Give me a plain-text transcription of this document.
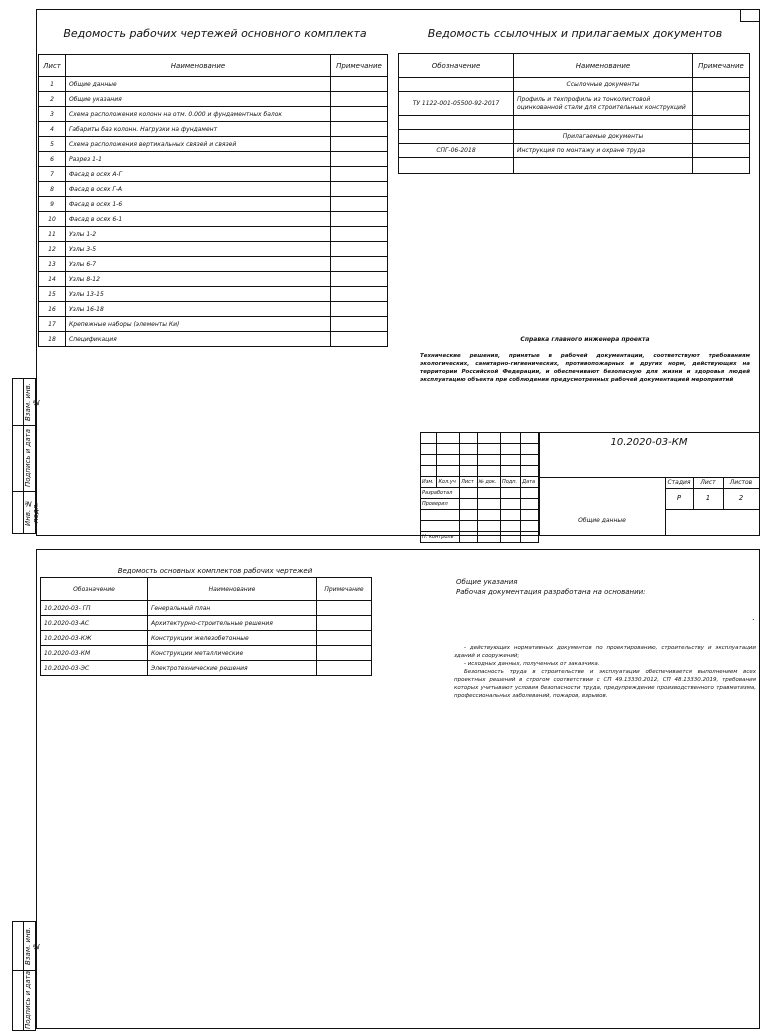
Взам. инв. №
Подпись и дата
Инв. № подл.
Ведомость рабочих чертежей основного комплекта	Ведомость ссылочных и прилагаемых документов
Лист	Наименование	Примечание
1	Общие данные	
2	Общие указания	
3	Схема расположения колонн на отм. 0.000 и фундаментных балок	
4	Габариты баз колонн. Нагрузки на фундамент	
5	Схема расположения вертикальных связей и связей	
6	Разрез 1-1	
7	Фасад в осях А-Г	
8	Фасад в осях Г-А	
9	Фасад в осях 1-6	
10	Фасад в осях 6-1	
11	Узлы 1-2	
12	Узлы 3-5	
13	Узлы 6-7	
14	Узлы 8-12	
15	Узлы 13-15	
16	Узлы 16-18	
17	Крепежные наборы (элементы Ки)	
18	Спецификация	
Обозначение	Наименование	Примечание
	Ссылочные документы	
ТУ 1122-001-05500-92-2017	Профиль и техпрофиль из тонколистовой оцинкованной стали для строительных конструкций	

	Прилагаемые документы	
СПГ-06-2018	Инструкция по монтажу и охране труда	

Справка главного инженера проекта
Технические решения, принятые в рабочей документации, соответствуют требованиям экологических, санитарно-гигиенических, противопожарных и других норм, действующих на территории Российской Федерации, и обеспечивают безопасную для жизни и здоровья людей эксплуатацию объекта при соблюдении предусмотренных рабочей документацией мероприятий

Изм.	Кол.уч	Лист	№ док.	Подп.	Дата
Разработал					
Проверил					

Н. контроль					
10.2020-03-КМ
Стадия	Лист	Листов
Р	1	2
Общие данные
Взам. инв. №
Подпись и дата
Ведомость основных комплектов рабочих чертежей
Обозначение	Наименование	Примечание
10.2020-03- ГП	Генеральный план	
10.2020-03-АС	Архитектурно-строительные решения	
10.2020-03-КЖ	Конструкции железобетонные	
10.2020-03-КМ	Конструкции металлические	
10.2020-03-ЭС	Электротехнические решения	
Общие указания
Рабочая документация разработана на основании:
.
- действующих нормативных документов по проектированию, строительству и эксплуатации зданий и сооружений;
- исходных данных, полученных от заказчика.
Безопасность труда в строительстве и эксплуатации обеспечивается выполнением всех проектных решений в строгом соответствии с СП 49.13330.2012, СП 48.13330.2019, требования которых учитывают условия безопасности труда, предупреждение производственного травматизма, профессиональных заболеваний, пожаров, взрывов.
